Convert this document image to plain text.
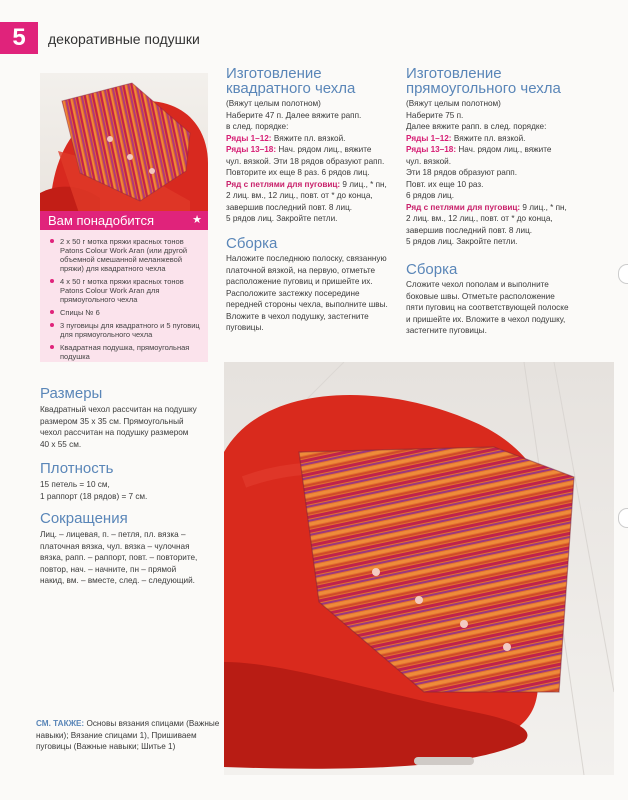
5	декоративные подушки
Вам понадобится	★
2 х 50 г мотка пряжи красных тонов Patons Colour Work Aran (или другой объемной смешанной меланжевой пряжи) для квадратного чехла
4 х 50 г мотка пряжи красных тонов Patons Colour Work Aran для прямоугольного чехла
Спицы № 6
3 пуговицы для квадратного и 5 пуговиц для прямоугольного чехла
Квадратная подушка, прямоугольная подушка
Изготовление
квадратного чехла
(Вяжут целым полотном)
Наберите 47 п. Далее вяжите рапп.
в след. порядке:
Ряды 1–12: Вяжите пл. вязкой.
Ряды 13–18: Нач. рядом лиц., вяжите
чул. вязкой. Эти 18 рядов образуют рапп.
Повторите их еще 8 раз. 6 рядов лиц.
Ряд с петлями для пуговиц: 9 лиц., * пн,
2 лиц. вм., 12 лиц., повт. от * до конца,
завершив последний повт. 8 лиц.
5 рядов лиц. Закройте петли.
Сборка
Наложите последнюю полоску, связанную
платочной вязкой, на первую, отметьте
расположение пуговиц и пришейте их.
Расположите застежку посередине
передней стороны чехла, выполните швы.
Вложите в чехол подушку, застегните
пуговицы.
Изготовление
прямоугольного чехла
(Вяжут целым полотном)
Наберите 75 п.
Далее вяжите рапп. в след. порядке:
Ряды 1–12: Вяжите пл. вязкой.
Ряды 13–18: Нач. рядом лиц., вяжите
чул. вязкой.
Эти 18 рядов образуют рапп.
Повт. их еще 10 раз.
6 рядов лиц.
Ряд с петлями для пуговиц: 9 лиц., * пн,
2 лиц. вм., 12 лиц., повт. от * до конца,
завершив последний повт. 8 лиц.
5 рядов лиц. Закройте петли.
Сборка
Сложите чехол пополам и выполните
боковые швы. Отметьте расположение
пяти пуговиц на соответствующей полоске
и пришейте их. Вложите в чехол подушку,
застегните пуговицы.
Размеры
Квадратный чехол рассчитан на подушку
размером 35 х 35 см. Прямоугольный
чехол рассчитан на подушку размером
40 х 55 см.
Плотность
15 петель = 10 см,
1 раппорт (18 рядов) = 7 см.
Сокращения
Лиц. – лицевая, п. – петля, пл. вязка –
платочная вязка, чул. вязка – чулочная
вязка, рапп. – раппорт, повт. – повторите,
повтор, нач. – начните, пн – прямой
накид, вм. – вместе, след. – следующий.
СМ. ТАКЖЕ: Основы вязания спицами (Важные навыки); Вязание спицами 1), Пришиваем пуговицы (Важные навыки; Шитье 1)
